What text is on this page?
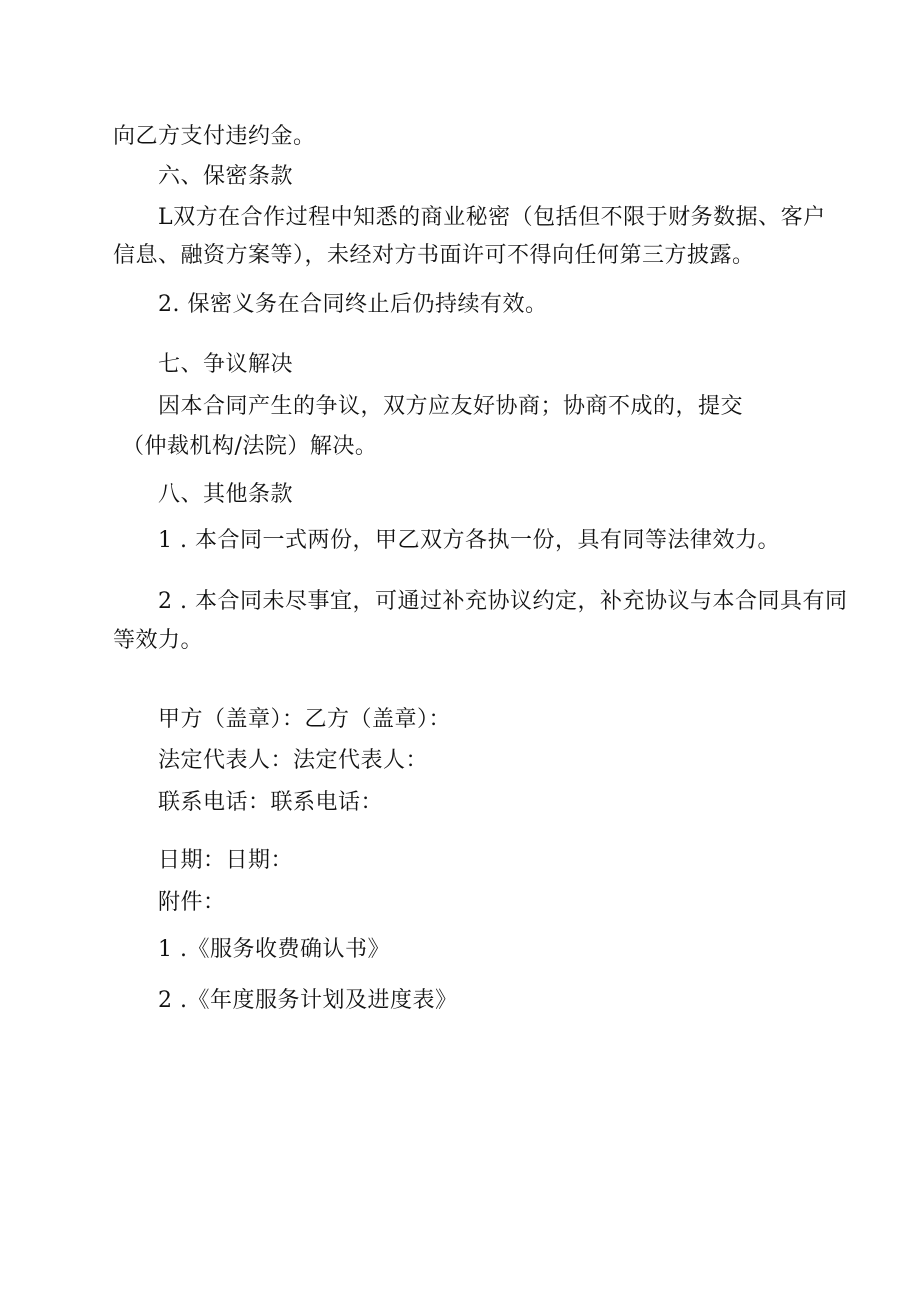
向乙方支付违约金。
六、保密条款
L双方在合作过程中知悉的商业秘密（包括但不限于财务数据、客户
信息、融资方案等），未经对方书面许可不得向任何第三方披露。
2. 保密义务在合同终止后仍持续有效。
七、争议解决
因本合同产生的争议，双方应友好协商；协商不成的，提交
（仲裁机构/法院）解决。
八、其他条款
1 . 本合同一式两份，甲乙双方各执一份，具有同等法律效力。
2 . 本合同未尽事宜，可通过补充协议约定，补充协议与本合同具有同
等效力。
甲方（盖章）：乙方（盖章）：
法定代表人：法定代表人：
联系电话：联系电话：
日期：日期：
附件：
1 .《服务收费确认书》
2 .《年度服务计划及进度表》
